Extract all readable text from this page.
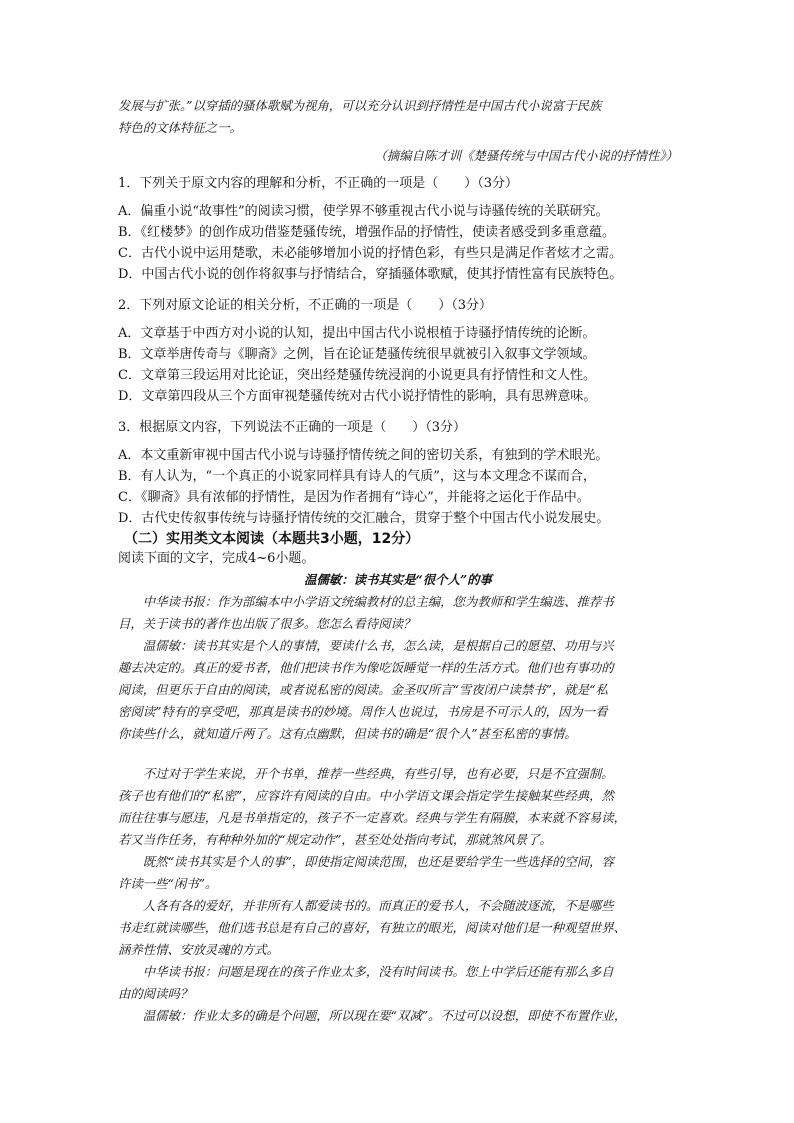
发展与扩张。”以穿插的骚体歌赋为视角，可以充分认识到抒情性是中国古代小说富于民族

特色的文体特征之一。

（摘编自陈才训《楚骚传统与中国古代小说的抒情性》）

1．下列关于原文内容的理解和分析，不正确的一项是（　　）（3分）

A．偏重小说“故事性”的阅读习惯，使学界不够重视古代小说与诗骚传统的关联研究。

B．《红楼梦》的创作成功借鉴楚骚传统，增强作品的抒情性，使读者感受到多重意蕴。

C．古代小说中运用楚歌，未必能够增加小说的抒情色彩，有些只是满足作者炫才之需。

D．中国古代小说的创作将叙事与抒情结合，穿插骚体歌赋，使其抒情性富有民族特色。

2．下列对原文论证的相关分析，不正确的一项是（　　）（3分）

A．文章基于中西方对小说的认知，提出中国古代小说根植于诗骚抒情传统的论断。

B．文章举唐传奇与《聊斋》之例，旨在论证楚骚传统很早就被引入叙事文学领域。

C．文章第三段运用对比论证，突出经楚骚传统浸润的小说更具有抒情性和文人性。

D．文章第四段从三个方面审视楚骚传统对古代小说抒情性的影响，具有思辨意味。

3．根据原文内容，下列说法不正确的一项是（　　）（3分）

A．本文重新审视中国古代小说与诗骚抒情传统之间的密切关系，有独到的学术眼光。

B．有人认为，“一个真正的小说家同样具有诗人的气质”，这与本文理念不谋而合，

C．《聊斋》具有浓郁的抒情性，是因为作者拥有“诗心”，并能将之运化于作品中。

D．古代史传叙事传统与诗骚抒情传统的交汇融合，贯穿于整个中国古代小说发展史。

（二）实用类文本阅读（本题共3小题，12分）

阅读下面的文字，完成4~6小题。

温儒敏：读书其实是“很个人”的事

中华读书报：作为部编本中小学语文统编教材的总主编，您为教师和学生编选、推荐书

目，关于读书的著作也出版了很多。您怎么看待阅读？

温儒敏：读书其实是个人的事情，要读什么书，怎么读，是根据自己的愿望、功用与兴

趣去决定的。真正的爱书者，他们把读书作为像吃饭睡觉一样的生活方式。他们也有事功的

阅读，但更乐于自由的阅读，或者说私密的阅读。金圣叹所言“雪夜闭户读禁书”，就是“私

密阅读”特有的享受吧，那真是读书的妙境。周作人也说过，书房是不可示人的，因为一看

你读些什么，就知道斤两了。这有点幽默，但读书的确是“很个人”甚至私密的事情。

不过对于学生来说，开个书单，推荐一些经典，有些引导，也有必要，只是不宜强制。

孩子也有他们的“私密”，应容许有阅读的自由。中小学语文课会指定学生接触某些经典，然

而往往事与愿违，凡是书单指定的，孩子不一定喜欢。经典与学生有隔膜，本来就不容易读，

若又当作任务，有种种外加的“规定动作”，甚至处处指向考试，那就煞风景了。

既然“读书其实是个人的事”，即使指定阅读范围，也还是要给学生一些选择的空间，容

许读一些“闲书”。

人各有各的爱好，并非所有人都爱读书的。而真正的爱书人，不会随波逐流，不是哪些

书走红就读哪些，他们选书总是有自己的喜好，有独立的眼光，阅读对他们是一种观望世界、

涵养性情、安放灵魂的方式。

中华读书报：问题是现在的孩子作业太多，没有时间读书。您上中学后还能有那么多自

由的阅读吗？

温儒敏：作业太多的确是个问题，所以现在要“双减”。不过可以设想，即使不布置作业，
